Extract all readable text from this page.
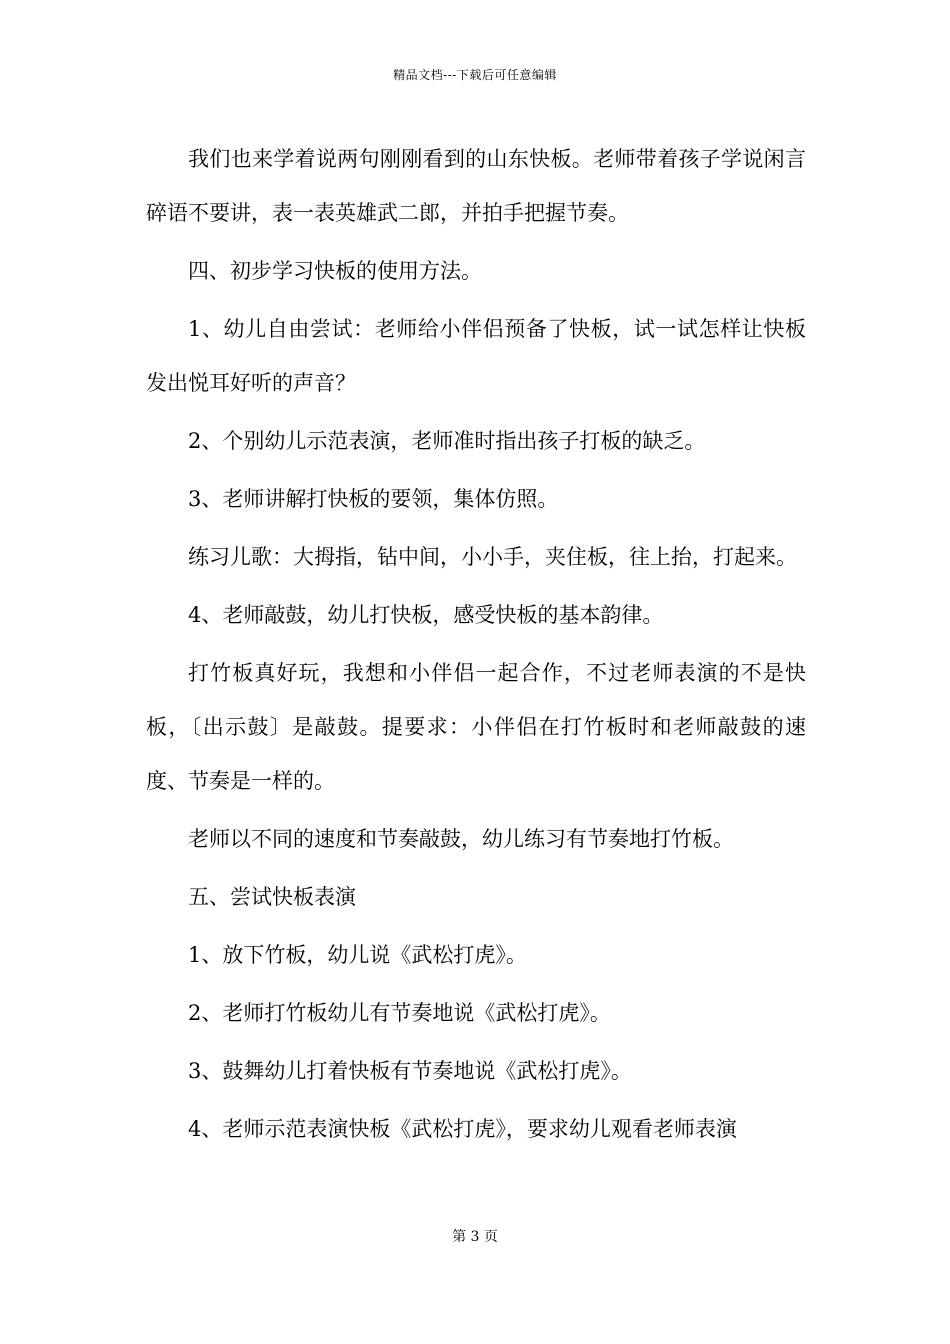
精品文档---下载后可任意编辑

我们也来学着说两句刚刚看到的山东快板。老师带着孩子学说闲言碎语不要讲，表一表英雄武二郎，并拍手把握节奏。

四、初步学习快板的使用方法。

1、幼儿自由尝试：老师给小伴侣预备了快板，试一试怎样让快板发出悦耳好听的声音？

2、个别幼儿示范表演，老师准时指出孩子打板的缺乏。

3、老师讲解打快板的要领，集体仿照。

练习儿歌：大拇指，钻中间，小小手，夹住板，往上抬，打起来。

4、老师敲鼓，幼儿打快板，感受快板的基本韵律。

打竹板真好玩，我想和小伴侣一起合作，不过老师表演的不是快板，〔出示鼓〕是敲鼓。提要求：小伴侣在打竹板时和老师敲鼓的速度、节奏是一样的。

老师以不同的速度和节奏敲鼓，幼儿练习有节奏地打竹板。

五、尝试快板表演

1、放下竹板，幼儿说《武松打虎》。

2、老师打竹板幼儿有节奏地说《武松打虎》。

3、鼓舞幼儿打着快板有节奏地说《武松打虎》。

4、老师示范表演快板《武松打虎》，要求幼儿观看老师表演

第 3 页
